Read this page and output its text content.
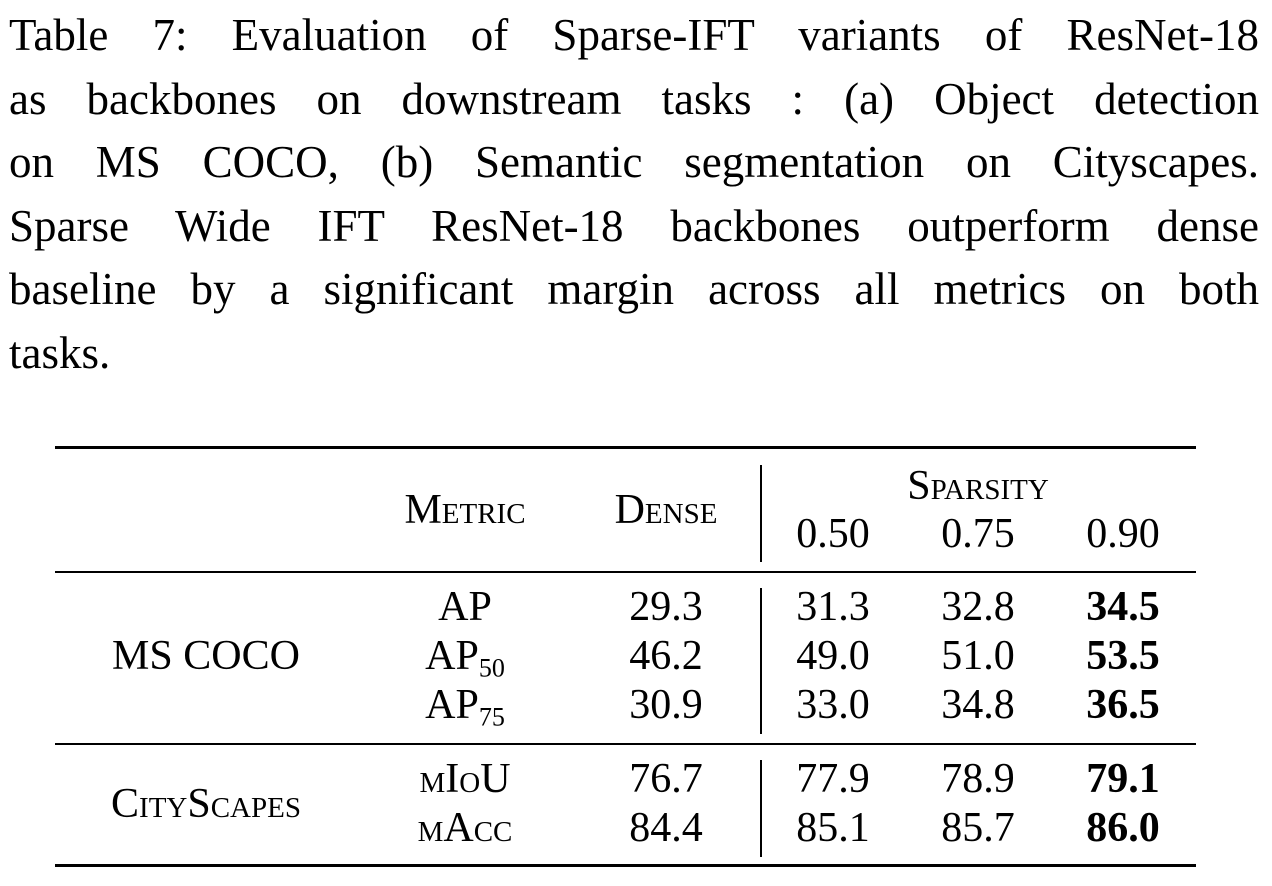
Table 7: Evaluation of Sparse-IFT variants of ResNet-18
as backbones on downstream tasks : (a) Object detection
on MS COCO, (b) Semantic segmentation on Cityscapes.
Sparse Wide IFT ResNet-18 backbones outperform dense
baseline by a significant margin across all metrics on both
tasks.
Metric Dense
Sparsity
0.50 0.75 0.90
MS COCO
AP	29.3 31.3 32.8 34.5
$AP_{50}$	46.2 49.0 51.0 53.5
$AP_{75}$	30.9 33.0 34.8 36.5
CityScapes
mIoU	76.7 77.9 78.9 79.1
mAcc	84.4 85.1 85.7 86.0
